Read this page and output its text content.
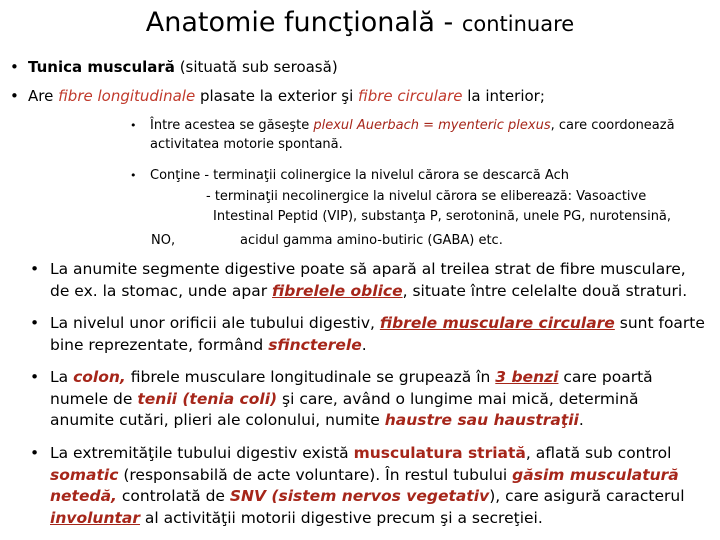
Anatomie funcţională - continuare
• Tunica musculară (situată sub seroasă)
• Are fibre longitudinale plasate la exterior şi fibre circulare la interior;
• Între acestea se găseşte plexul Auerbach = myenteric plexus, care coordonează
activitatea motorie spontană.
• Conţine - terminaţii colinergice la nivelul cărora se descarcă Ach
- terminaţii necolinergice la nivelul cărora se eliberează: Vasoactive
Intestinal Peptid (VIP), substanţa P, serotonină, unele PG, nurotensină,
NO,	acidul gamma amino-butiric (GABA) etc.
• La anumite segmente digestive poate să apară al treilea strat de fibre musculare,
de ex. la stomac, unde apar fibrelele oblice, situate între celelalte două straturi.
• La nivelul unor orificii ale tubului digestiv, fibrele musculare circulare sunt foarte
bine reprezentate, formând sfincterele.
• La colon, fibrele musculare longitudinale se grupează în 3 benzi care poartă
numele de tenii (tenia coli) şi care, având o lungime mai mică, determină
anumite cutări, plieri ale colonului, numite haustre sau haustraţii.
• La extremităţile tubului digestiv există musculatura striată, aflată sub control
somatic (responsabilă de acte voluntare). În restul tubului găsim musculatură
netedă, controlată de SNV (sistem nervos vegetativ), care asigură caracterul
involuntar al activităţii motorii digestive precum şi a secreţiei.
